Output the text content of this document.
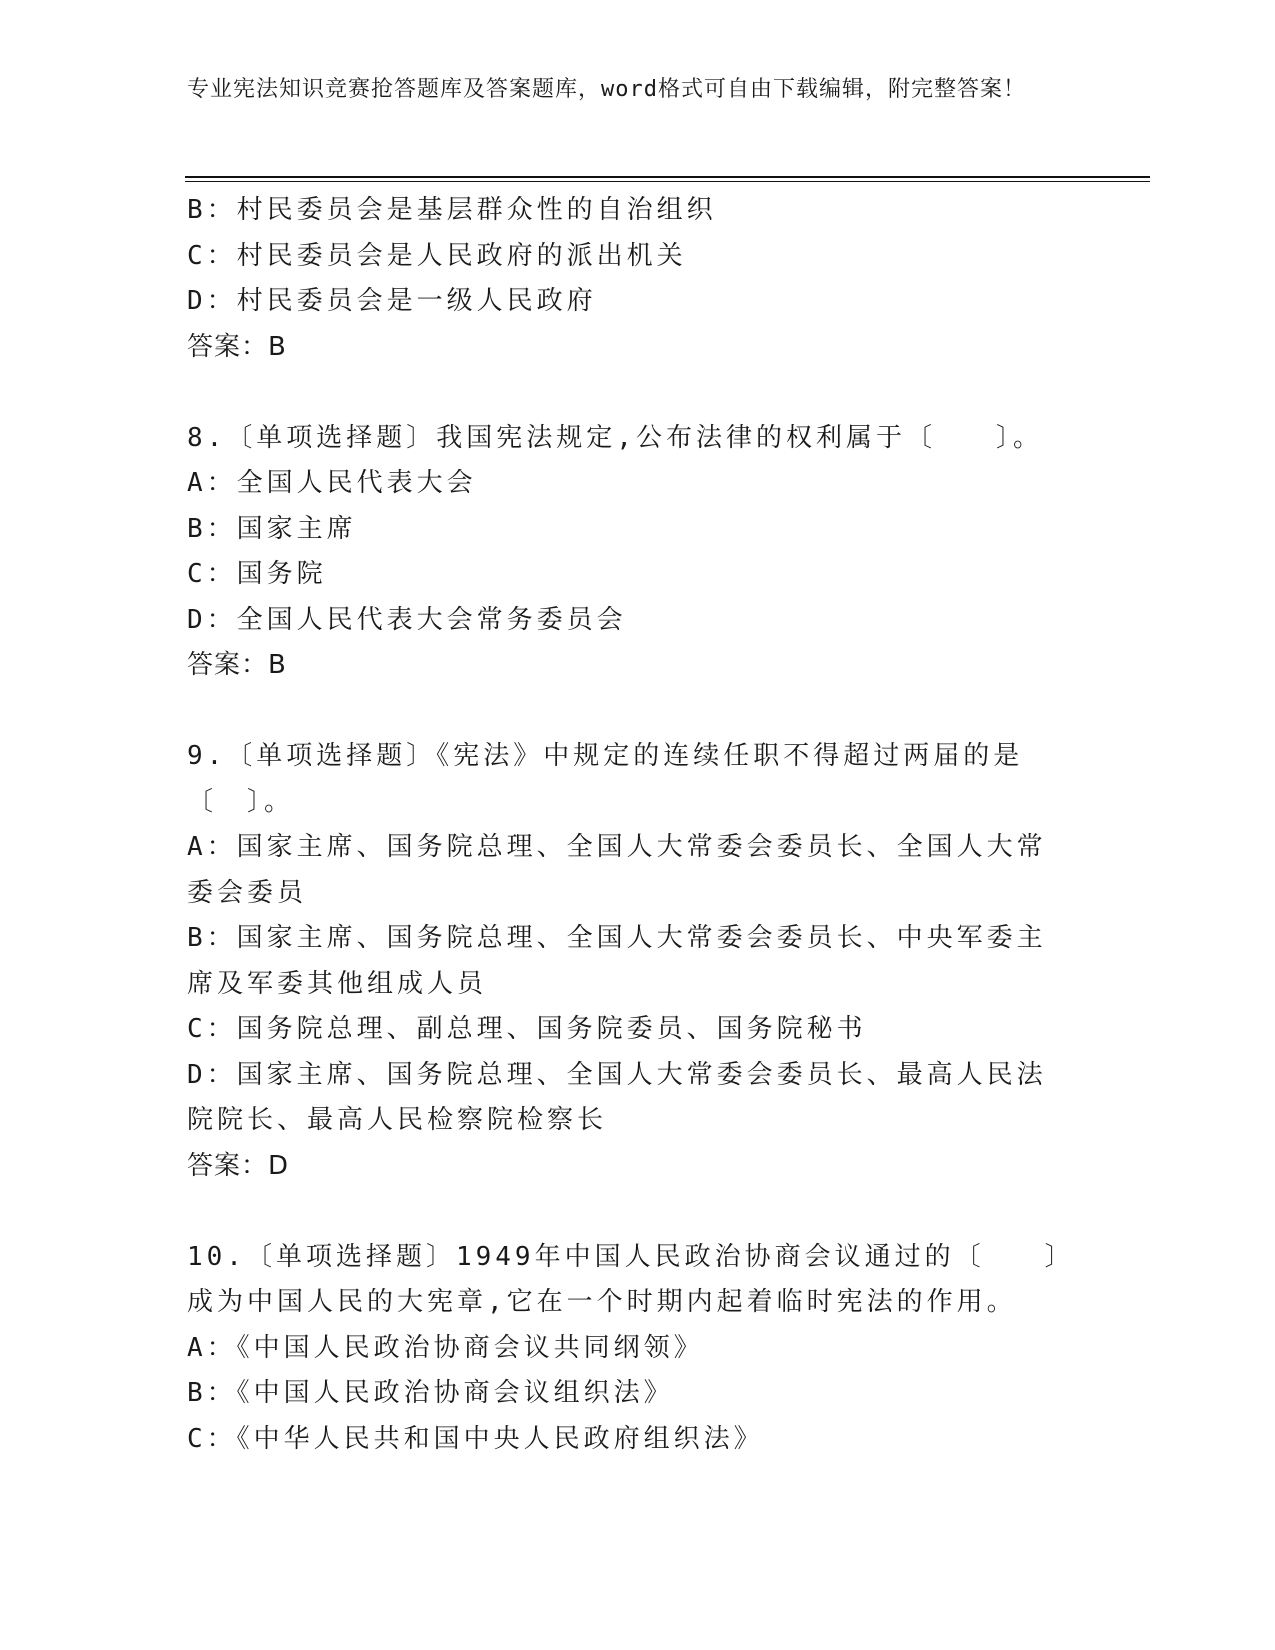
专业宪法知识竞赛抢答题库及答案题库，word格式可自由下载编辑，附完整答案！

B：村民委员会是基层群众性的自治组织

C：村民委员会是人民政府的派出机关

D：村民委员会是一级人民政府

答案：B

8.〔单项选择题〕我国宪法规定,公布法律的权利属于〔　　〕。

A：全国人民代表大会

B：国家主席

C：国务院

D：全国人民代表大会常务委员会

答案：B

9.〔单项选择题〕《宪法》中规定的连续任职不得超过两届的是〔　〕。

A：国家主席、国务院总理、全国人大常委会委员长、全国人大常委会委员

B：国家主席、国务院总理、全国人大常委会委员长、中央军委主席及军委其他组成人员

C：国务院总理、副总理、国务院委员、国务院秘书

D：国家主席、国务院总理、全国人大常委会委员长、最高人民法院院长、最高人民检察院检察长

答案：D

10.〔单项选择题〕1949年中国人民政治协商会议通过的〔　　〕成为中国人民的大宪章,它在一个时期内起着临时宪法的作用。

A：《中国人民政治协商会议共同纲领》

B：《中国人民政治协商会议组织法》

C：《中华人民共和国中央人民政府组织法》
